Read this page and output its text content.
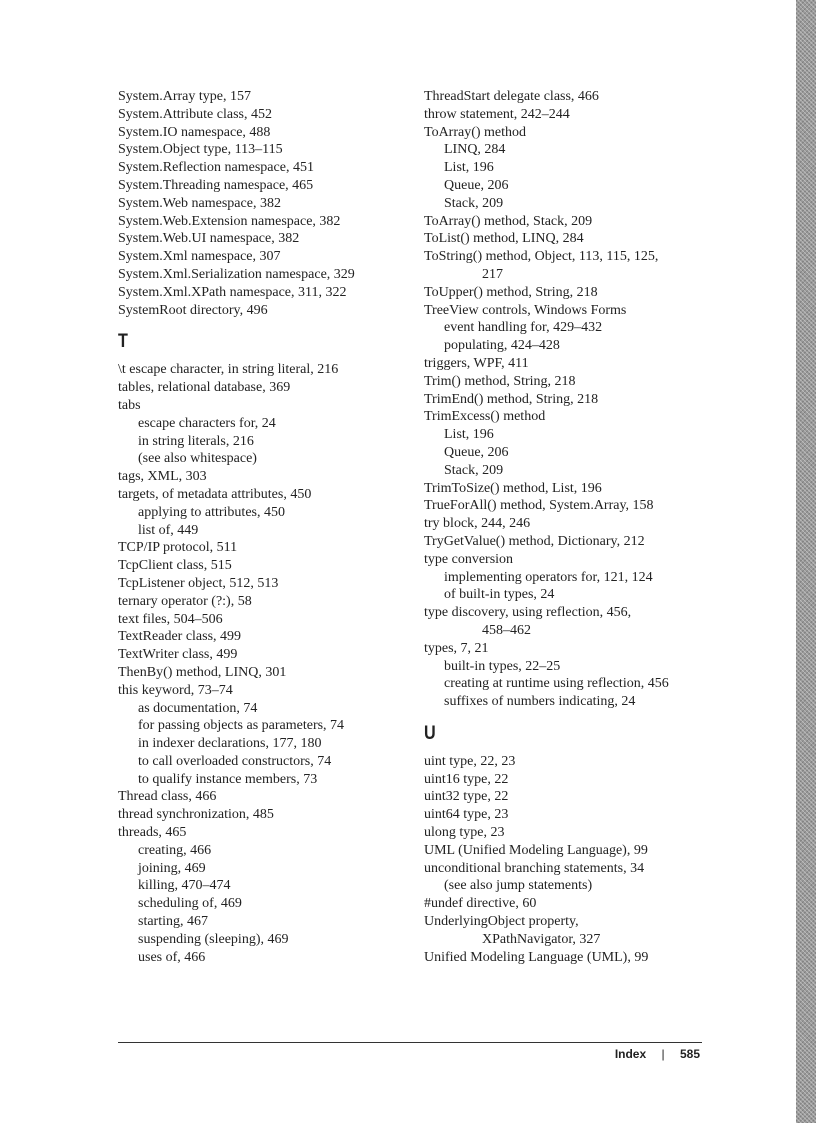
System.Array type, 157
System.Attribute class, 452
System.IO namespace, 488
System.Object type, 113–115
System.Reflection namespace, 451
System.Threading namespace, 465
System.Web namespace, 382
System.Web.Extension namespace, 382
System.Web.UI namespace, 382
System.Xml namespace, 307
System.Xml.Serialization namespace, 329
System.Xml.XPath namespace, 311, 322
SystemRoot directory, 496
T
\t escape character, in string literal, 216
tables, relational database, 369
tabs
escape characters for, 24
in string literals, 216
(see also whitespace)
tags, XML, 303
targets, of metadata attributes, 450
applying to attributes, 450
list of, 449
TCP/IP protocol, 511
TcpClient class, 515
TcpListener object, 512, 513
ternary operator (?:), 58
text files, 504–506
TextReader class, 499
TextWriter class, 499
ThenBy() method, LINQ, 301
this keyword, 73–74
as documentation, 74
for passing objects as parameters, 74
in indexer declarations, 177, 180
to call overloaded constructors, 74
to qualify instance members, 73
Thread class, 466
thread synchronization, 485
threads, 465
creating, 466
joining, 469
killing, 470–474
scheduling of, 469
starting, 467
suspending (sleeping), 469
uses of, 466
ThreadStart delegate class, 466
throw statement, 242–244
ToArray() method
LINQ, 284
List, 196
Queue, 206
Stack, 209
ToArray() method, Stack, 209
ToList() method, LINQ, 284
ToString() method, Object, 113, 115, 125,
217
ToUpper() method, String, 218
TreeView controls, Windows Forms
event handling for, 429–432
populating, 424–428
triggers, WPF, 411
Trim() method, String, 218
TrimEnd() method, String, 218
TrimExcess() method
List, 196
Queue, 206
Stack, 209
TrimToSize() method, List, 196
TrueForAll() method, System.Array, 158
try block, 244, 246
TryGetValue() method, Dictionary, 212
type conversion
implementing operators for, 121, 124
of built-in types, 24
type discovery, using reflection, 456,
458–462
types, 7, 21
built-in types, 22–25
creating at runtime using reflection, 456
suffixes of numbers indicating, 24
U
uint type, 22, 23
uint16 type, 22
uint32 type, 22
uint64 type, 23
ulong type, 23
UML (Unified Modeling Language), 99
unconditional branching statements, 34
(see also jump statements)
#undef directive, 60
UnderlyingObject property,
XPathNavigator, 327
Unified Modeling Language (UML), 99
Index | 585
